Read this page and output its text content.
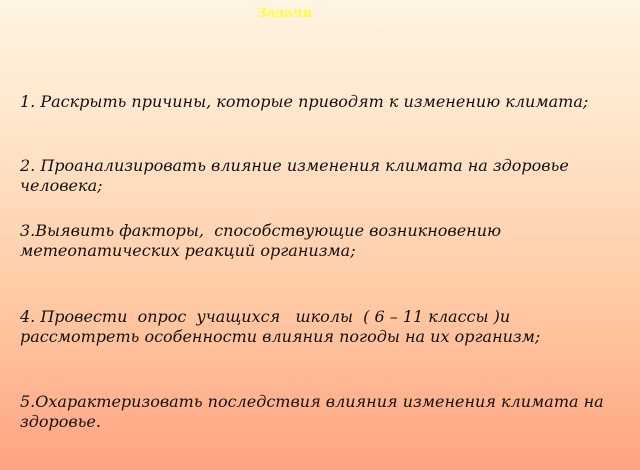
Задачи
1. Раскрыть причины, которые приводят к изменению климата;
2. Проанализировать влияние изменения климата на здоровье человека;
3.Выявить факторы,  способствующие возникновению метеопатических реакций организма;
4. Провести  опрос  учащихся   школы  ( 6 – 11 классы )и рассмотреть особенности влияния погоды на их организм;
5.Охарактеризовать последствия влияния изменения климата на  здоровье.
